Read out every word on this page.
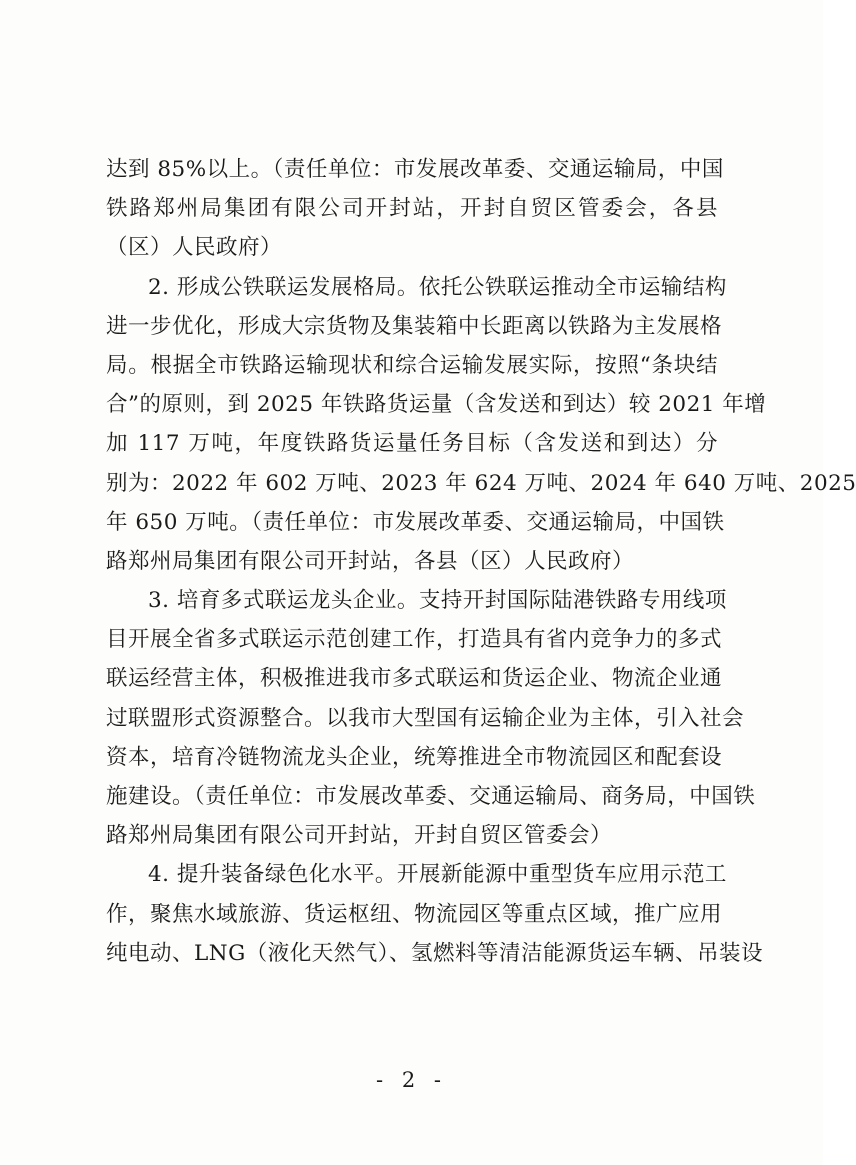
达到 85%以上。（责任单位：市发展改革委、交通运输局，中国
铁路郑州局集团有限公司开封站，开封自贸区管委会，各县
（区）人民政府）
2. 形成公铁联运发展格局。依托公铁联运推动全市运输结构
进一步优化，形成大宗货物及集装箱中长距离以铁路为主发展格
局。根据全市铁路运输现状和综合运输发展实际，按照“条块结
合”的原则，到 2025 年铁路货运量（含发送和到达）较 2021 年增
加 117 万吨，年度铁路货运量任务目标（含发送和到达）分
别为：2022 年 602 万吨、2023 年 624 万吨、2024 年 640 万吨、2025
年 650 万吨。（责任单位：市发展改革委、交通运输局，中国铁
路郑州局集团有限公司开封站，各县（区）人民政府）
3. 培育多式联运龙头企业。支持开封国际陆港铁路专用线项
目开展全省多式联运示范创建工作，打造具有省内竞争力的多式
联运经营主体，积极推进我市多式联运和货运企业、物流企业通
过联盟形式资源整合。以我市大型国有运输企业为主体，引入社会
资本，培育冷链物流龙头企业，统筹推进全市物流园区和配套设
施建设。（责任单位：市发展改革委、交通运输局、商务局，中国铁
路郑州局集团有限公司开封站，开封自贸区管委会）
4. 提升装备绿色化水平。开展新能源中重型货车应用示范工
作，聚焦水域旅游、货运枢纽、物流园区等重点区域，推广应用
纯电动、LNG（液化天然气）、氢燃料等清洁能源货运车辆、吊装设
- 2 -
